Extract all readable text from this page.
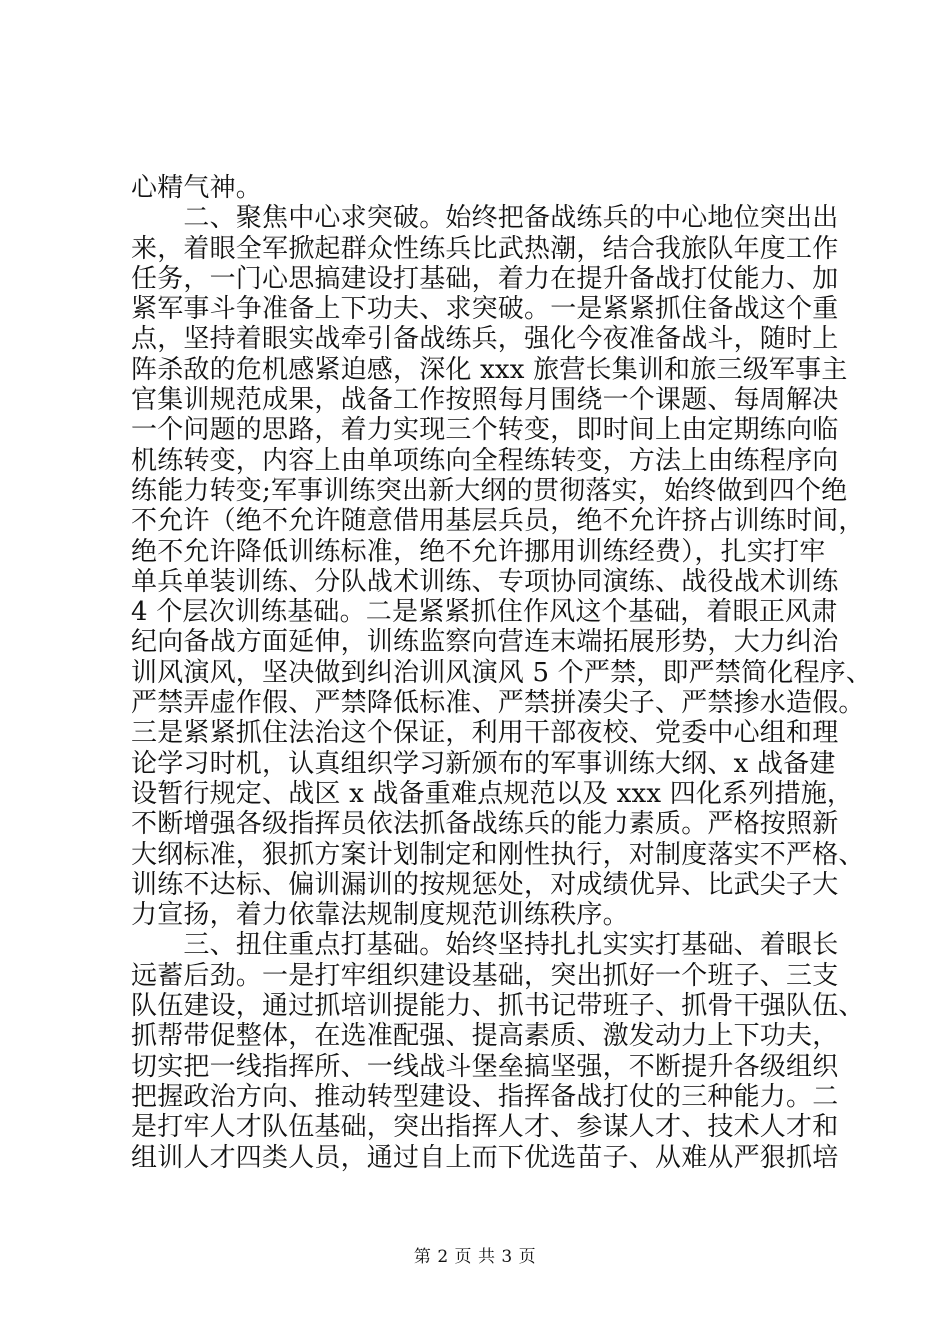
心精气神。
　　二、聚焦中心求突破。始终把备战练兵的中心地位突出出
来，着眼全军掀起群众性练兵比武热潮，结合我旅队年度工作
任务，一门心思搞建设打基础，着力在提升备战打仗能力、加
紧军事斗争准备上下功夫、求突破。一是紧紧抓住备战这个重
点，坚持着眼实战牵引备战练兵，强化今夜准备战斗，随时上
阵杀敌的危机感紧迫感，深化 xxx 旅营长集训和旅三级军事主
官集训规范成果，战备工作按照每月围绕一个课题、每周解决
一个问题的思路，着力实现三个转变，即时间上由定期练向临
机练转变，内容上由单项练向全程练转变，方法上由练程序向
练能力转变;军事训练突出新大纲的贯彻落实，始终做到四个绝
不允许（绝不允许随意借用基层兵员，绝不允许挤占训练时间，
绝不允许降低训练标准，绝不允许挪用训练经费），扎实打牢
单兵单装训练、分队战术训练、专项协同演练、战役战术训练
4 个层次训练基础。二是紧紧抓住作风这个基础，着眼正风肃
纪向备战方面延伸，训练监察向营连末端拓展形势，大力纠治
训风演风，坚决做到纠治训风演风 5 个严禁，即严禁简化程序、
严禁弄虚作假、严禁降低标准、严禁拼凑尖子、严禁掺水造假。
三是紧紧抓住法治这个保证，利用干部夜校、党委中心组和理
论学习时机，认真组织学习新颁布的军事训练大纲、x 战备建
设暂行规定、战区 x 战备重难点规范以及 xxx 四化系列措施，
不断增强各级指挥员依法抓备战练兵的能力素质。严格按照新
大纲标准，狠抓方案计划制定和刚性执行，对制度落实不严格、
训练不达标、偏训漏训的按规惩处，对成绩优异、比武尖子大
力宣扬，着力依靠法规制度规范训练秩序。
　　三、扭住重点打基础。始终坚持扎扎实实打基础、着眼长
远蓄后劲。一是打牢组织建设基础，突出抓好一个班子、三支
队伍建设，通过抓培训提能力、抓书记带班子、抓骨干强队伍、
抓帮带促整体，在选准配强、提高素质、激发动力上下功夫，
切实把一线指挥所、一线战斗堡垒搞坚强，不断提升各级组织
把握政治方向、推动转型建设、指挥备战打仗的三种能力。二
是打牢人才队伍基础，突出指挥人才、参谋人才、技术人才和
组训人才四类人员，通过自上而下优选苗子、从难从严狠抓培
第 2 页 共 3 页
